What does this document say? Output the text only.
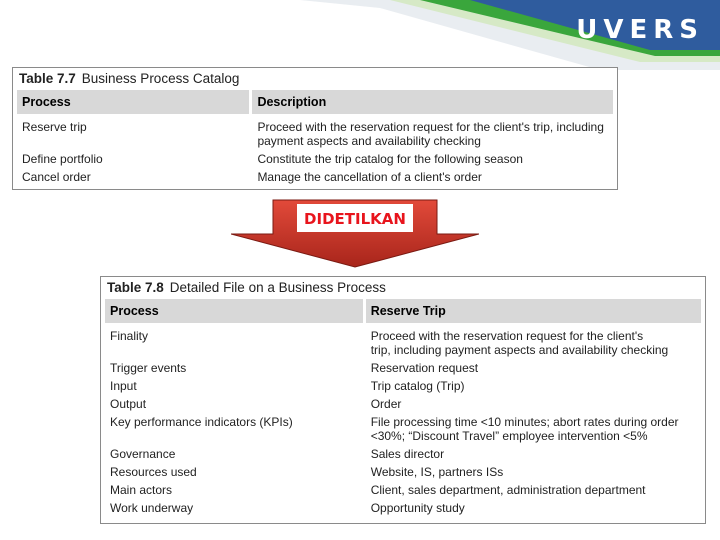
UVERS
Table 7.7 Business Process Catalog
Process	Description
Reserve trip	Proceed with the reservation request for the client's trip, including
payment aspects and availability checking
Define portfolio	Constitute the trip catalog for the following season
Cancel order	Manage the cancellation of a client's order
DIDETILKAN
Table 7.8 Detailed File on a Business Process
Process	Reserve Trip
Finality	Proceed with the reservation request for the client's
trip, including payment aspects and availability checking
Trigger events	Reservation request
Input	Trip catalog (Trip)
Output	Order
Key performance indicators (KPIs)	File processing time <10 minutes; abort rates during order
<30%; “Discount Travel” employee intervention <5%
Governance	Sales director
Resources used	Website, IS, partners ISs
Main actors	Client, sales department, administration department
Work underway	Opportunity study
